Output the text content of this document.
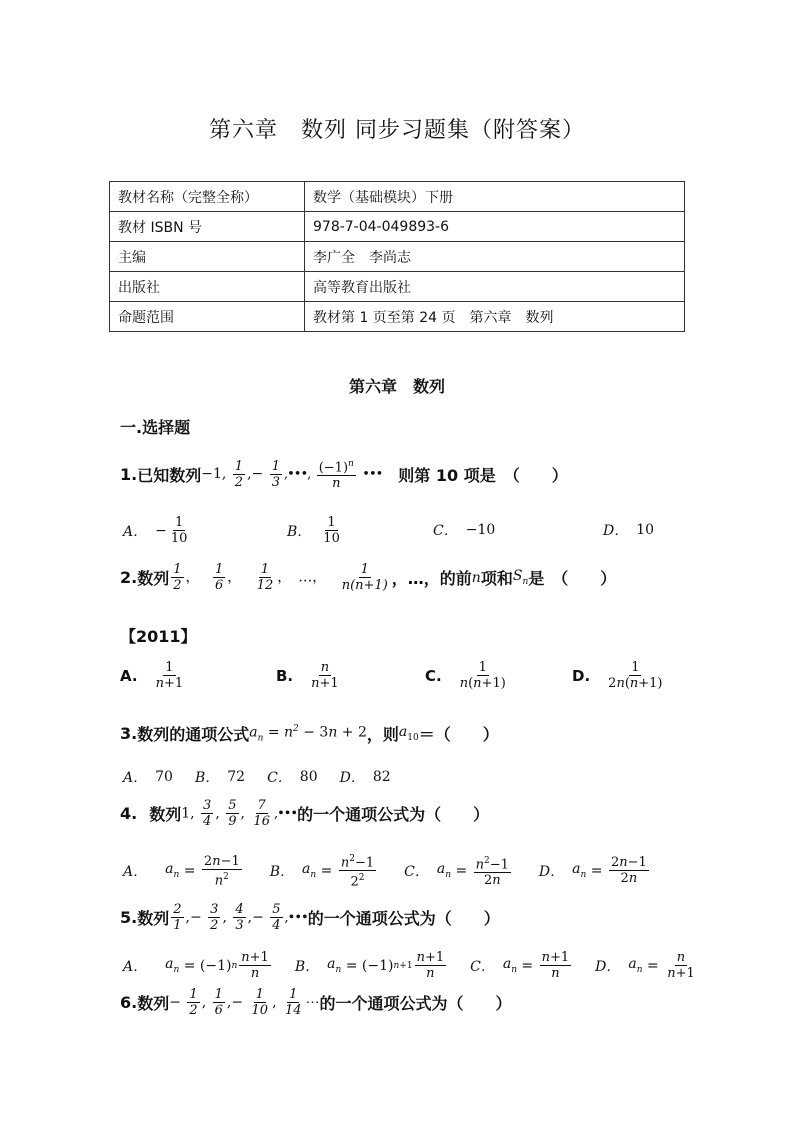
第六章　数列 同步习题集（附答案）
教材名称（完整全称）	数学（基础模块）下册
教材 ISBN 号	978-7-04-049893-6
主编	李广全　李尚志
出版社	高等教育出版社
命题范围	教材第 1 页至第 24 页　第六章　数列
第六章　数列
一.选择题
1. 已知数列 −1, $\frac{1}{2}$ ,− $\frac{1}{3}$ ,•••, $\frac{(-1)^n}{n}$ ••• 　则第 10 项是　（　　）
A． − $\frac{1}{10}$	B． $\frac{1}{10}$	C． −10	D． 10
2. 数列 $\frac{1}{2}$ ，　 $\frac{1}{6}$ ，　 $\frac{1}{12}$ ，　…，　 $\frac{1}{n(n+1)}$ ，…，的前 n 项和 $S_n$ 是　（　　）
【2011】
A. $\frac{1}{n+1}$	B. $\frac{n}{n+1}$	C. $\frac{1}{n(n+1)}$	D. $\frac{1}{2n(n+1)}$
3. 数列的通项公式 $a_n = n^2 - 3n + 2$ ，则 $a_{10}$ ＝（　　）
A． 70 B． 72 C． 80 D． 82
4. 数列 1, $\frac{3}{4}$ , $\frac{5}{9}$ , $\frac{7}{16}$ ,••• 的一个通项公式为（　　）
A． $a_n = \frac{2n-1}{n^2}$ B． $a_n = \frac{n^2-1}{2^2}$ C． $a_n = \frac{n^2-1}{2n}$ D． $a_n = \frac{2n-1}{2n}$
5. 数列 $\frac{2}{1}$ ,− $\frac{3}{2}$ , $\frac{4}{3}$ ,− $\frac{5}{4}$ ,••• 的一个通项公式为（　　）
A． $a_n = (-1)$ n $\frac{n+1}{n}$ B． $a_n = (-1)$ $n+1 \frac{n+1}{n}$ C． $a_n = \frac{n+1}{n}$ D． $a_n = \frac{n}{n+1}$
6. 数列 − $\frac{1}{2}$ , $\frac{1}{6}$ ,− $\frac{1}{10}$ , $\frac{1}{14}$ ⋯ 的一个通项公式为（　　）
